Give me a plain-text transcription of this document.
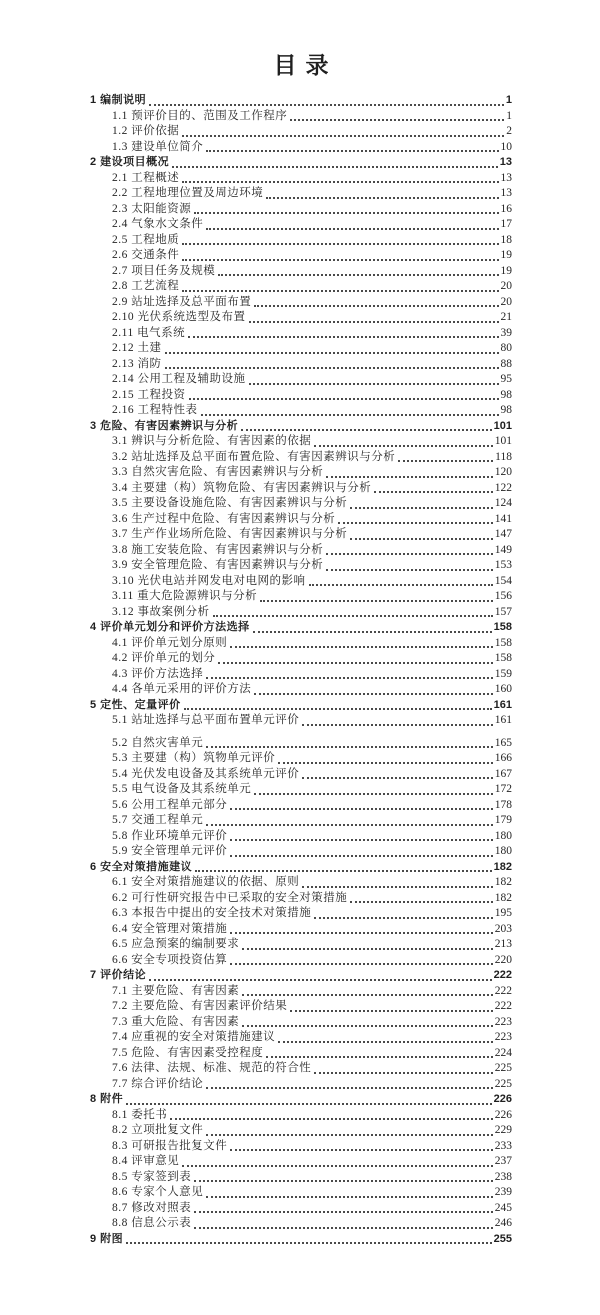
目录
1 编制说明	1
1.1 预评价目的、范围及工作程序	1
1.2 评价依据	2
1.3 建设单位简介	10
2 建设项目概况	13
2.1 工程概述	13
2.2 工程地理位置及周边环境	13
2.3 太阳能资源	16
2.4 气象水文条件	17
2.5 工程地质	18
2.6 交通条件	19
2.7 项目任务及规模	19
2.8 工艺流程	20
2.9 站址选择及总平面布置	20
2.10 光伏系统选型及布置	21
2.11 电气系统	39
2.12 土建	80
2.13 消防	88
2.14 公用工程及辅助设施	95
2.15 工程投资	98
2.16 工程特性表	98
3 危险、有害因素辨识与分析	101
3.1 辨识与分析危险、有害因素的依据	101
3.2 站址选择及总平面布置危险、有害因素辨识与分析	118
3.3 自然灾害危险、有害因素辨识与分析	120
3.4 主要建（构）筑物危险、有害因素辨识与分析	122
3.5 主要设备设施危险、有害因素辨识与分析	124
3.6 生产过程中危险、有害因素辨识与分析	141
3.7 生产作业场所危险、有害因素辨识与分析	147
3.8 施工安装危险、有害因素辨识与分析	149
3.9 安全管理危险、有害因素辨识与分析	153
3.10 光伏电站并网发电对电网的影响	154
3.11 重大危险源辨识与分析	156
3.12 事故案例分析	157
4 评价单元划分和评价方法选择	158
4.1 评价单元划分原则	158
4.2 评价单元的划分	158
4.3 评价方法选择	159
4.4 各单元采用的评价方法	160
5 定性、定量评价	161
5.1 站址选择与总平面布置单元评价	161
5.2 自然灾害单元	165
5.3 主要建（构）筑物单元评价	166
5.4 光伏发电设备及其系统单元评价	167
5.5 电气设备及其系统单元	172
5.6 公用工程单元部分	178
5.7 交通工程单元	179
5.8 作业环境单元评价	180
5.9 安全管理单元评价	180
6 安全对策措施建议	182
6.1 安全对策措施建议的依据、原则	182
6.2 可行性研究报告中已采取的安全对策措施	182
6.3 本报告中提出的安全技术对策措施	195
6.4 安全管理对策措施	203
6.5 应急预案的编制要求	213
6.6 安全专项投资估算	220
7 评价结论	222
7.1 主要危险、有害因素	222
7.2 主要危险、有害因素评价结果	222
7.3 重大危险、有害因素	223
7.4 应重视的安全对策措施建议	223
7.5 危险、有害因素受控程度	224
7.6 法律、法规、标准、规范的符合性	225
7.7 综合评价结论	225
8 附件	226
8.1 委托书	226
8.2 立项批复文件	229
8.3 可研报告批复文件	233
8.4 评审意见	237
8.5 专家签到表	238
8.6 专家个人意见	239
8.7 修改对照表	245
8.8 信息公示表	246
9 附图	255
